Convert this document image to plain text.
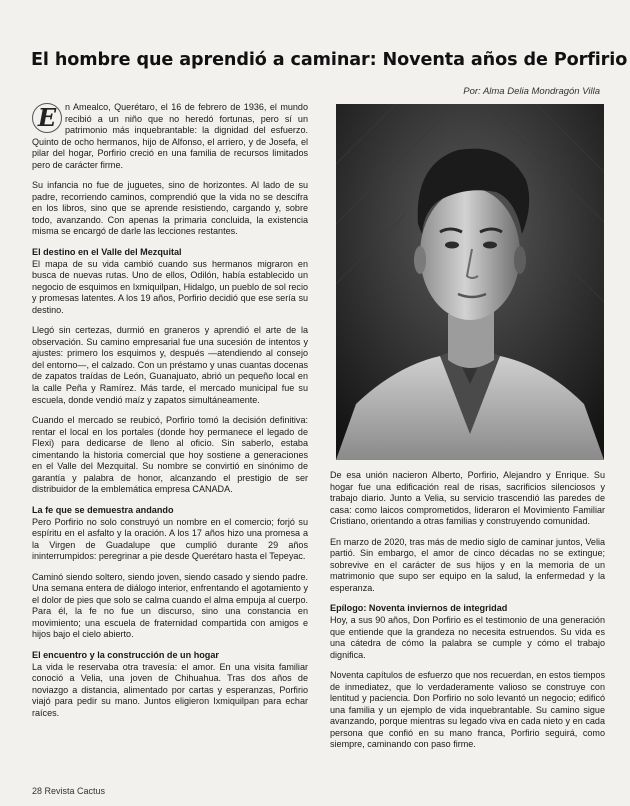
El hombre que aprendió a caminar: Noventa años de Porfirio
Por: Alma Delia Mondragón Villa

E n Amealco, Querétaro, el 16 de febrero de 1936, el mundo recibió a un niño que no heredó fortunas, pero sí un patrimonio más inquebrantable: la dignidad del esfuerzo. Quinto de ocho hermanos, hijo de Alfonso, el arriero, y de Josefa, el pilar del hogar, Porfirio creció en una familia de recursos limitados pero de carácter firme.

Su infancia no fue de juguetes, sino de horizontes. Al lado de su padre, recorriendo caminos, comprendió que la vida no se descifra en los libros, sino que se aprende resistiendo, cargando y, sobre todo, avanzando. Con apenas la primaria concluida, la existencia misma se encargó de darle las lecciones restantes.

El destino en el Valle del Mezquital

El mapa de su vida cambió cuando sus hermanos migraron en busca de nuevas rutas. Uno de ellos, Odilón, había establecido un negocio de esquimos en Ixmiquilpan, Hidalgo, un pueblo de sol recio y promesas latentes. A los 19 años, Porfirio decidió que ese sería su destino.

Llegó sin certezas, durmió en graneros y aprendió el arte de la observación. Su camino empresarial fue una sucesión de intentos y ajustes: primero los esquimos y, después —atendiendo al consejo del entorno—, el calzado. Con un préstamo y unas cuantas docenas de zapatos traídas de León, Guanajuato, abrió un pequeño local en la calle Peña y Ramírez. Más tarde, el mercado municipal fue su escuela, donde vendió maíz y zapatos simultáneamente.

Cuando el mercado se reubicó, Porfirio tomó la decisión definitiva: rentar el local en los portales (donde hoy permanece el legado de Flexi) para dedicarse de lleno al oficio. Sin saberlo, estaba cimentando la historia comercial que hoy sostiene a generaciones en el Valle del Mezquital. Su nombre se convirtió en sinónimo de garantía y palabra de honor, alcanzando el prestigio de ser distribuidor de la emblemática empresa CANADA.

La fe que se demuestra andando

Pero Porfirio no solo construyó un nombre en el comercio; forjó su espíritu en el asfalto y la oración. A los 17 años hizo una promesa a la Virgen de Guadalupe que cumplió durante 29 años ininterrumpidos: peregrinar a pie desde Querétaro hasta el Tepeyac.

Caminó siendo soltero, siendo joven, siendo casado y siendo padre. Una semana entera de diálogo interior, enfrentando el agotamiento y el dolor de pies que solo se calma cuando el alma empuja al cuerpo. Para él, la fe no fue un discurso, sino una constancia en movimiento; una escuela de fraternidad compartida con amigos e hijos bajo el cielo abierto.

El encuentro y la construcción de un hogar

La vida le reservaba otra travesía: el amor. En una visita familiar conoció a Velia, una joven de Chihuahua. Tras dos años de noviazgo a distancia, alimentado por cartas y esperanzas, Porfirio viajó para pedir su mano. Juntos eligieron Ixmiquilpan para echar raíces.

De esa unión nacieron Alberto, Porfirio, Alejandro y Enrique. Su hogar fue una edificación real de risas, sacrificios silenciosos y trabajo diario. Junto a Velia, su servicio trascendió las paredes de casa: como laicos comprometidos, lideraron el Movimiento Familiar Cristiano, orientando a otras familias y construyendo comunidad.

En marzo de 2020, tras más de medio siglo de caminar juntos, Velia partió. Sin embargo, el amor de cinco décadas no se extingue; sobrevive en el carácter de sus hijos y en la memoria de un matrimonio que supo ser equipo en la salud, la enfermedad y la esperanza.

Epílogo: Noventa inviernos de integridad

Hoy, a sus 90 años, Don Porfirio es el testimonio de una generación que entiende que la grandeza no necesita estruendos. Su vida es una cátedra de cómo la palabra se cumple y cómo el trabajo dignifica.

Noventa capítulos de esfuerzo que nos recuerdan, en estos tiempos de inmediatez, que lo verdaderamente valioso se construye con lentitud y paciencia. Don Porfirio no solo levantó un negocio; edificó una familia y un ejemplo de vida inquebrantable. Su camino sigue avanzando, porque mientras su legado viva en cada nieto y en cada persona que confió en su mano franca, Porfirio seguirá, como siempre, caminando con paso firme.

28 Revista Cactus
